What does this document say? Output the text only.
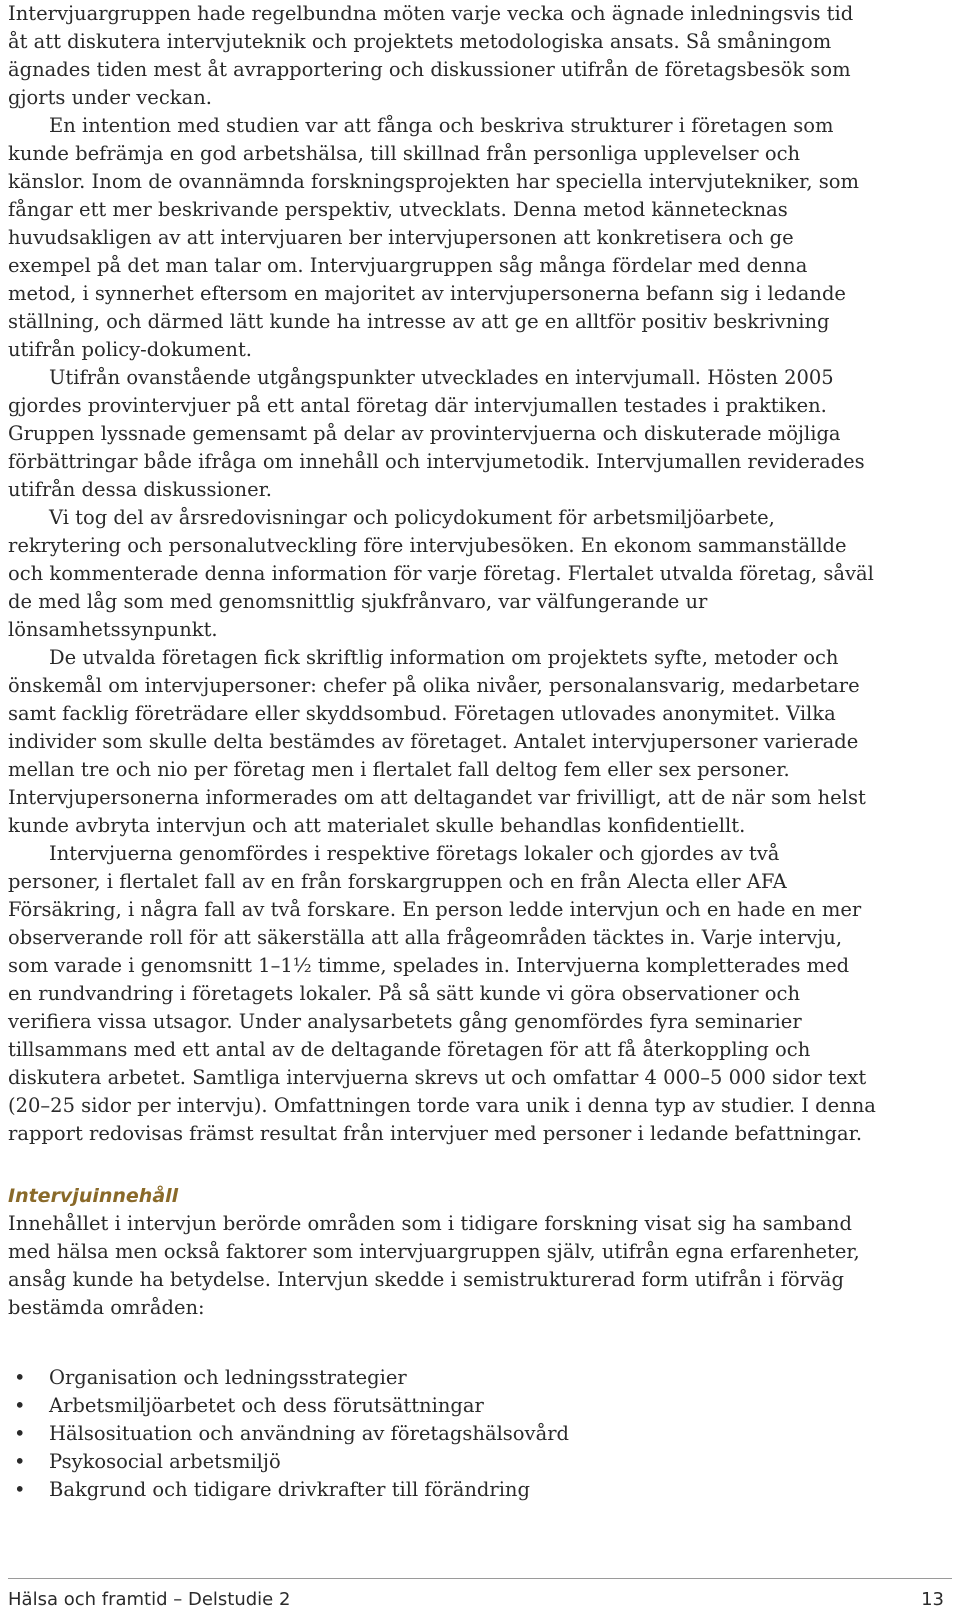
Intervjuargruppen hade regelbundna möten varje vecka och ägnade inledningsvis tid åt att diskutera intervjuteknik och projektets metodologiska ansats. Så småningom ägnades tiden mest åt avrapportering och diskussioner utifrån de företagsbesök som gjorts under veckan.

En intention med studien var att fånga och beskriva strukturer i företagen som kunde befrämja en god arbetshälsa, till skillnad från personliga upplevelser och känslor. Inom de ovannämnda forskningsprojekten har speciella intervjutekniker, som fångar ett mer beskrivande perspektiv, utvecklats. Denna metod kännetecknas huvudsakligen av att intervjuaren ber intervjupersonen att konkretisera och ge exempel på det man talar om. Intervjuargruppen såg många fördelar med denna metod, i synnerhet eftersom en majoritet av intervjupersonerna befann sig i ledande ställning, och därmed lätt kunde ha intresse av att ge en alltför positiv beskrivning utifrån policy-dokument.

Utifrån ovanstående utgångspunkter utvecklades en intervjumall. Hösten 2005 gjordes provintervjuer på ett antal företag där intervjumallen testades i praktiken. Gruppen lyssnade gemensamt på delar av provintervjuerna och diskuterade möjliga förbättringar både ifråga om innehåll och intervjumetodik. Intervjumallen reviderades utifrån dessa diskussioner.

Vi tog del av årsredovisningar och policydokument för arbetsmiljöarbete, rekrytering och personalutveckling före intervjubesöken. En ekonom sammanställde och kommenterade denna information för varje företag. Flertalet utvalda företag, såväl de med låg som med genomsnittlig sjukfrånvaro, var välfungerande ur lönsamhetssynpunkt.

De utvalda företagen fick skriftlig information om projektets syfte, metoder och önskemål om intervjupersoner: chefer på olika nivåer, personalansvarig, medarbetare samt facklig företrädare eller skyddsombud. Företagen utlovades anonymitet. Vilka individer som skulle delta bestämdes av företaget. Antalet intervjupersoner varierade mellan tre och nio per företag men i flertalet fall deltog fem eller sex personer. Intervjupersonerna informerades om att deltagandet var frivilligt, att de när som helst kunde avbryta intervjun och att materialet skulle behandlas konfidentiellt.

Intervjuerna genomfördes i respektive företags lokaler och gjordes av två personer, i flertalet fall av en från forskargruppen och en från Alecta eller AFA Försäkring, i några fall av två forskare. En person ledde intervjun och en hade en mer observerande roll för att säkerställa att alla frågeområden täcktes in. Varje intervju, som varade i genomsnitt 1–1½ timme, spelades in. Intervjuerna kompletterades med en rundvandring i företagets lokaler. På så sätt kunde vi göra observationer och verifiera vissa utsagor. Under analysarbetets gång genomfördes fyra seminarier tillsammans med ett antal av de deltagande företagen för att få återkoppling och diskutera arbetet. Samtliga intervjuerna skrevs ut och omfattar 4 000–5 000 sidor text (20–25 sidor per intervju). Omfattningen torde vara unik i denna typ av studier. I denna rapport redovisas främst resultat från intervjuer med personer i ledande befattningar.

Intervjuinnehåll

Innehållet i intervjun berörde områden som i tidigare forskning visat sig ha samband med hälsa men också faktorer som intervjuargruppen själv, utifrån egna erfarenheter, ansåg kunde ha betydelse. Intervjun skedde i semistrukturerad form utifrån i förväg bestämda områden:

• Organisation och ledningsstrategier
• Arbetsmiljöarbetet och dess förutsättningar
• Hälsosituation och användning av företagshälsovård
• Psykosocial arbetsmiljö
• Bakgrund och tidigare drivkrafter till förändring
Hälsa och framtid – Delstudie 2	13
